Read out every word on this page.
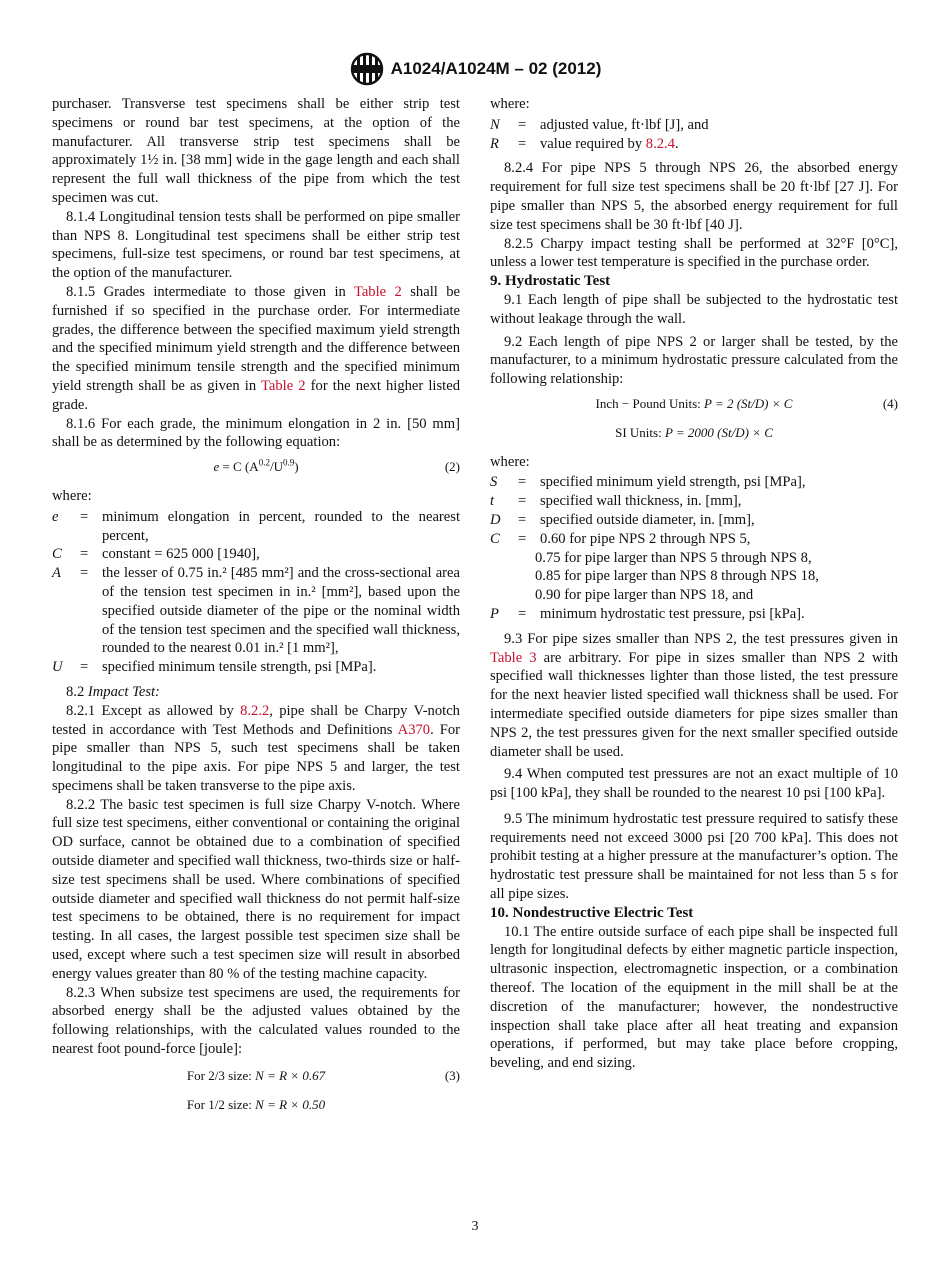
A1024/A1024M – 02 (2012)

purchaser. Transverse test specimens shall be either strip test specimens or round bar test specimens, at the option of the manufacturer. All transverse strip test specimens shall be approximately 1½ in. [38 mm] wide in the gage length and each shall represent the full wall thickness of the pipe from which the test specimen was cut.

8.1.4 Longitudinal tension tests shall be performed on pipe smaller than NPS 8. Longitudinal test specimens shall be either strip test specimens, full-size test specimens, or round bar test specimens, at the option of the manufacturer.

8.1.5 Grades intermediate to those given in Table 2 shall be furnished if so specified in the purchase order. For intermediate grades, the difference between the specified maximum yield strength and the specified minimum yield strength and the difference between the specified minimum tensile strength and the specified minimum yield strength shall be as given in Table 2 for the next higher listed grade.

8.1.6 For each grade, the minimum elongation in 2 in. [50 mm] shall be as determined by the following equation:

e = C $(A^{0.2}/U^{0.9})$	(2)

where:

e	= minimum elongation in percent, rounded to the nearest percent,
C	= constant = 625 000 [1940],
A	= the lesser of 0.75 in.² [485 mm²] and the cross-sectional area of the tension test specimen in in.² [mm²], based upon the specified outside diameter of the pipe or the nominal width of the tension test specimen and the specified wall thickness, rounded to the nearest 0.01 in.² [1 mm²],
U	= specified minimum tensile strength, psi [MPa].

8.2 Impact Test:

8.2.1 Except as allowed by 8.2.2, pipe shall be Charpy V-notch tested in accordance with Test Methods and Definitions A370. For pipe smaller than NPS 5, such test specimens shall be taken longitudinal to the pipe axis. For pipe NPS 5 and larger, the test specimens shall be taken transverse to the pipe axis.

8.2.2 The basic test specimen is full size Charpy V-notch. Where full size test specimens, either conventional or containing the original OD surface, cannot be obtained due to a combination of specified outside diameter and specified wall thickness, two-thirds size or half-size test specimens shall be used. Where combinations of specified outside diameter and specified wall thickness do not permit half-size test specimens to be obtained, there is no requirement for impact testing. In all cases, the largest possible test specimen size shall be used, except where such a test specimen size will result in absorbed energy values greater than 80 % of the testing machine capacity.

8.2.3 When subsize test specimens are used, the requirements for absorbed energy shall be the adjusted values obtained by the following relationships, with the calculated values rounded to the nearest foot pound-force [joule]:

For 2/3 size: N = R × 0.67	(3)
For 1/2 size: N = R × 0.50

where:

N	= adjusted value, ft·lbf [J], and
R	= value required by 8.2.4.

8.2.4 For pipe NPS 5 through NPS 26, the absorbed energy requirement for full size test specimens shall be 20 ft·lbf [27 J]. For pipe smaller than NPS 5, the absorbed energy requirement for full size test specimens shall be 30 ft·lbf [40 J].

8.2.5 Charpy impact testing shall be performed at 32°F [0°C], unless a lower test temperature is specified in the purchase order.

9. Hydrostatic Test

9.1 Each length of pipe shall be subjected to the hydrostatic test without leakage through the wall.

9.2 Each length of pipe NPS 2 or larger shall be tested, by the manufacturer, to a minimum hydrostatic pressure calculated from the following relationship:

Inch − Pound Units: P = 2 (St/D) × C	(4)
SI Units: P = 2000 (St/D) × C

where:

S	= specified minimum yield strength, psi [MPa],
t	= specified wall thickness, in. [mm],
D	= specified outside diameter, in. [mm],
C	= 0.60 for pipe NPS 2 through NPS 5,
0.75 for pipe larger than NPS 5 through NPS 8,
0.85 for pipe larger than NPS 8 through NPS 18,
0.90 for pipe larger than NPS 18, and
P	= minimum hydrostatic test pressure, psi [kPa].

9.3 For pipe sizes smaller than NPS 2, the test pressures given in Table 3 are arbitrary. For pipe in sizes smaller than NPS 2 with specified wall thicknesses lighter than those listed, the test pressure for the next heavier listed specified wall thickness shall be used. For intermediate specified outside diameters for pipe sizes smaller than NPS 2, the test pressures given for the next smaller specified outside diameter shall be used.

9.4 When computed test pressures are not an exact multiple of 10 psi [100 kPa], they shall be rounded to the nearest 10 psi [100 kPa].

9.5 The minimum hydrostatic test pressure required to satisfy these requirements need not exceed 3000 psi [20 700 kPa]. This does not prohibit testing at a higher pressure at the manufacturer’s option. The hydrostatic test pressure shall be maintained for not less than 5 s for all pipe sizes.

10. Nondestructive Electric Test

10.1 The entire outside surface of each pipe shall be inspected full length for longitudinal defects by either magnetic particle inspection, ultrasonic inspection, electromagnetic inspection, or a combination thereof. The location of the equipment in the mill shall be at the discretion of the manufacturer; however, the nondestructive inspection shall take place after all heat treating and expansion operations, if performed, but may take place before cropping, beveling, and end sizing.

3
